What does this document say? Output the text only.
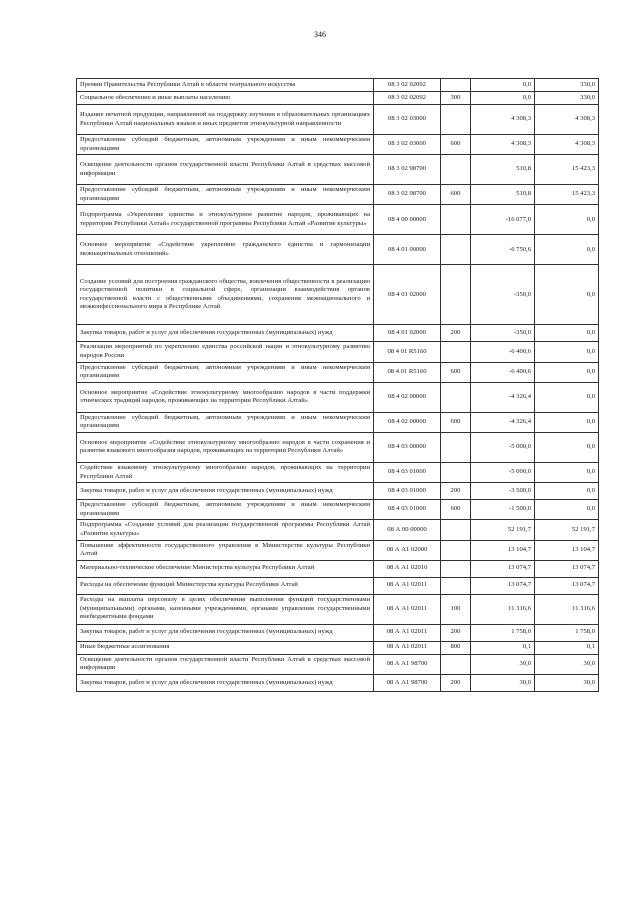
346
Премии Правительства Республики Алтай в области театрального искусства	08 3 02 02092		0,0	330,0
Социальное обеспечение и иные выплаты населению	08 3 02 02092	300	0,0	330,0
Издание печатной продукции, направленной на поддержку изучения в образовательных организациях Республики Алтай национальных языков и иных предметов этнокультурной направленности	08 3 02 03000		4 308,3	4 308,3
Предоставление субсидий бюджетным, автономным учреждениям и иным некоммерческим организациям	08 3 02 03000	600	4 308,3	4 308,3
Освещение деятельности органов государственной власти Республики Алтай в средствах массовой информации	08 3 02 98700		510,8	15 423,3
Предоставление субсидий бюджетным, автономным учреждениям и иным некоммерческим организациям	08 3 02 98700	600	510,8	15 423,3
Подпрограмма «Укрепление единства и этнокультурное развитие народов, проживающих на территории Республики Алтай» государственной программы Республики Алтай «Развитие культуры»	08 4 00 00000		-16 077,0	0,0
Основное мероприятие «Содействие укреплению гражданского единства и гармонизации межнациональных отношений»	08 4 01 00000		-6 750,6	0,0
Создание условий для построения гражданского общества, вовлечения общественности в реализацию государственной политики в социальной сфере, организации взаимодействия органов государственной власти с общественными объединениями, сохранения межнационального и межконфессионального мира в Республике Алтай	08 4 01 02000		-350,0	0,0
Закупка товаров, работ и услуг для обеспечения государственных (муниципальных) нужд	08 4 01 02000	200	-350,0	0,0
Реализация мероприятий по укреплению единства российской нации и этнокультурному развитию народов России	08 4 01 R5160		-6 400,6	0,0
Предоставление субсидий бюджетным, автономным учреждениям и иным некоммерческим организациям	08 4 01 R5160	600	-6 400,6	0,0
Основное мероприятие «Содействие этнокультурному многообразию народов в части поддержки этнических традиций народов, проживающих на территории Республики Алтай»	08 4 02 00000		-4 326,4	0,0
Предоставление субсидий бюджетным, автономным учреждениям и иным некоммерческим организациям	08 4 02 00000	600	-4 326,4	0,0
Основное мероприятие «Содействие этнокультурному многообразию народов в части сохранения и развития языкового многообразия народов, проживающих на территории Республики Алтай»	08 4 03 00000		-5 000,0	0,0
Содействие языковому этнокультурному многообразию народов, проживающих на территории Республики Алтай	08 4 03 01000		-5 000,0	0,0
Закупка товаров, работ и услуг для обеспечения государственных (муниципальных) нужд	08 4 03 01000	200	-3 500,0	0,0
Предоставление субсидий бюджетным, автономным учреждениям и иным некоммерческим организациям	08 4 03 01000	600	-1 500,0	0,0
Подпрограмма «Создание условий для реализации государственной программы Республики Алтай «Развитие культуры»	08 А 00 00000		52 191,7	52 191,7
Повышение эффективности государственного управления в Министерстве культуры Республики Алтай	08 А А1 02000		13 104,7	13 104,7
Материально-техническое обеспечение Министерства культуры Республики Алтай	08 А А1 02010		13 074,7	13 074,7
Расходы на обеспечение функций Министерства культуры Республики Алтай	08 А А1 02011		13 074,7	13 074,7
Расходы на выплаты персоналу в целях обеспечения выполнения функций государственными (муниципальными) органами, казенными учреждениями, органами управления государственными внебюджетными фондами	08 А А1 02011	100	11 316,6	11 316,6
Закупка товаров, работ и услуг для обеспечения государственных (муниципальных) нужд	08 А А1 02011	200	1 758,0	1 758,0
Иные бюджетные ассигнования	08 А А1 02011	800	0,1	0,1
Освещение деятельности органов государственной власти Республики Алтай в средствах массовой информации	08 А А1 98700		30,0	30,0
Закупка товаров, работ и услуг для обеспечения государственных (муниципальных) нужд	08 А А1 98700	200	30,0	30,0
